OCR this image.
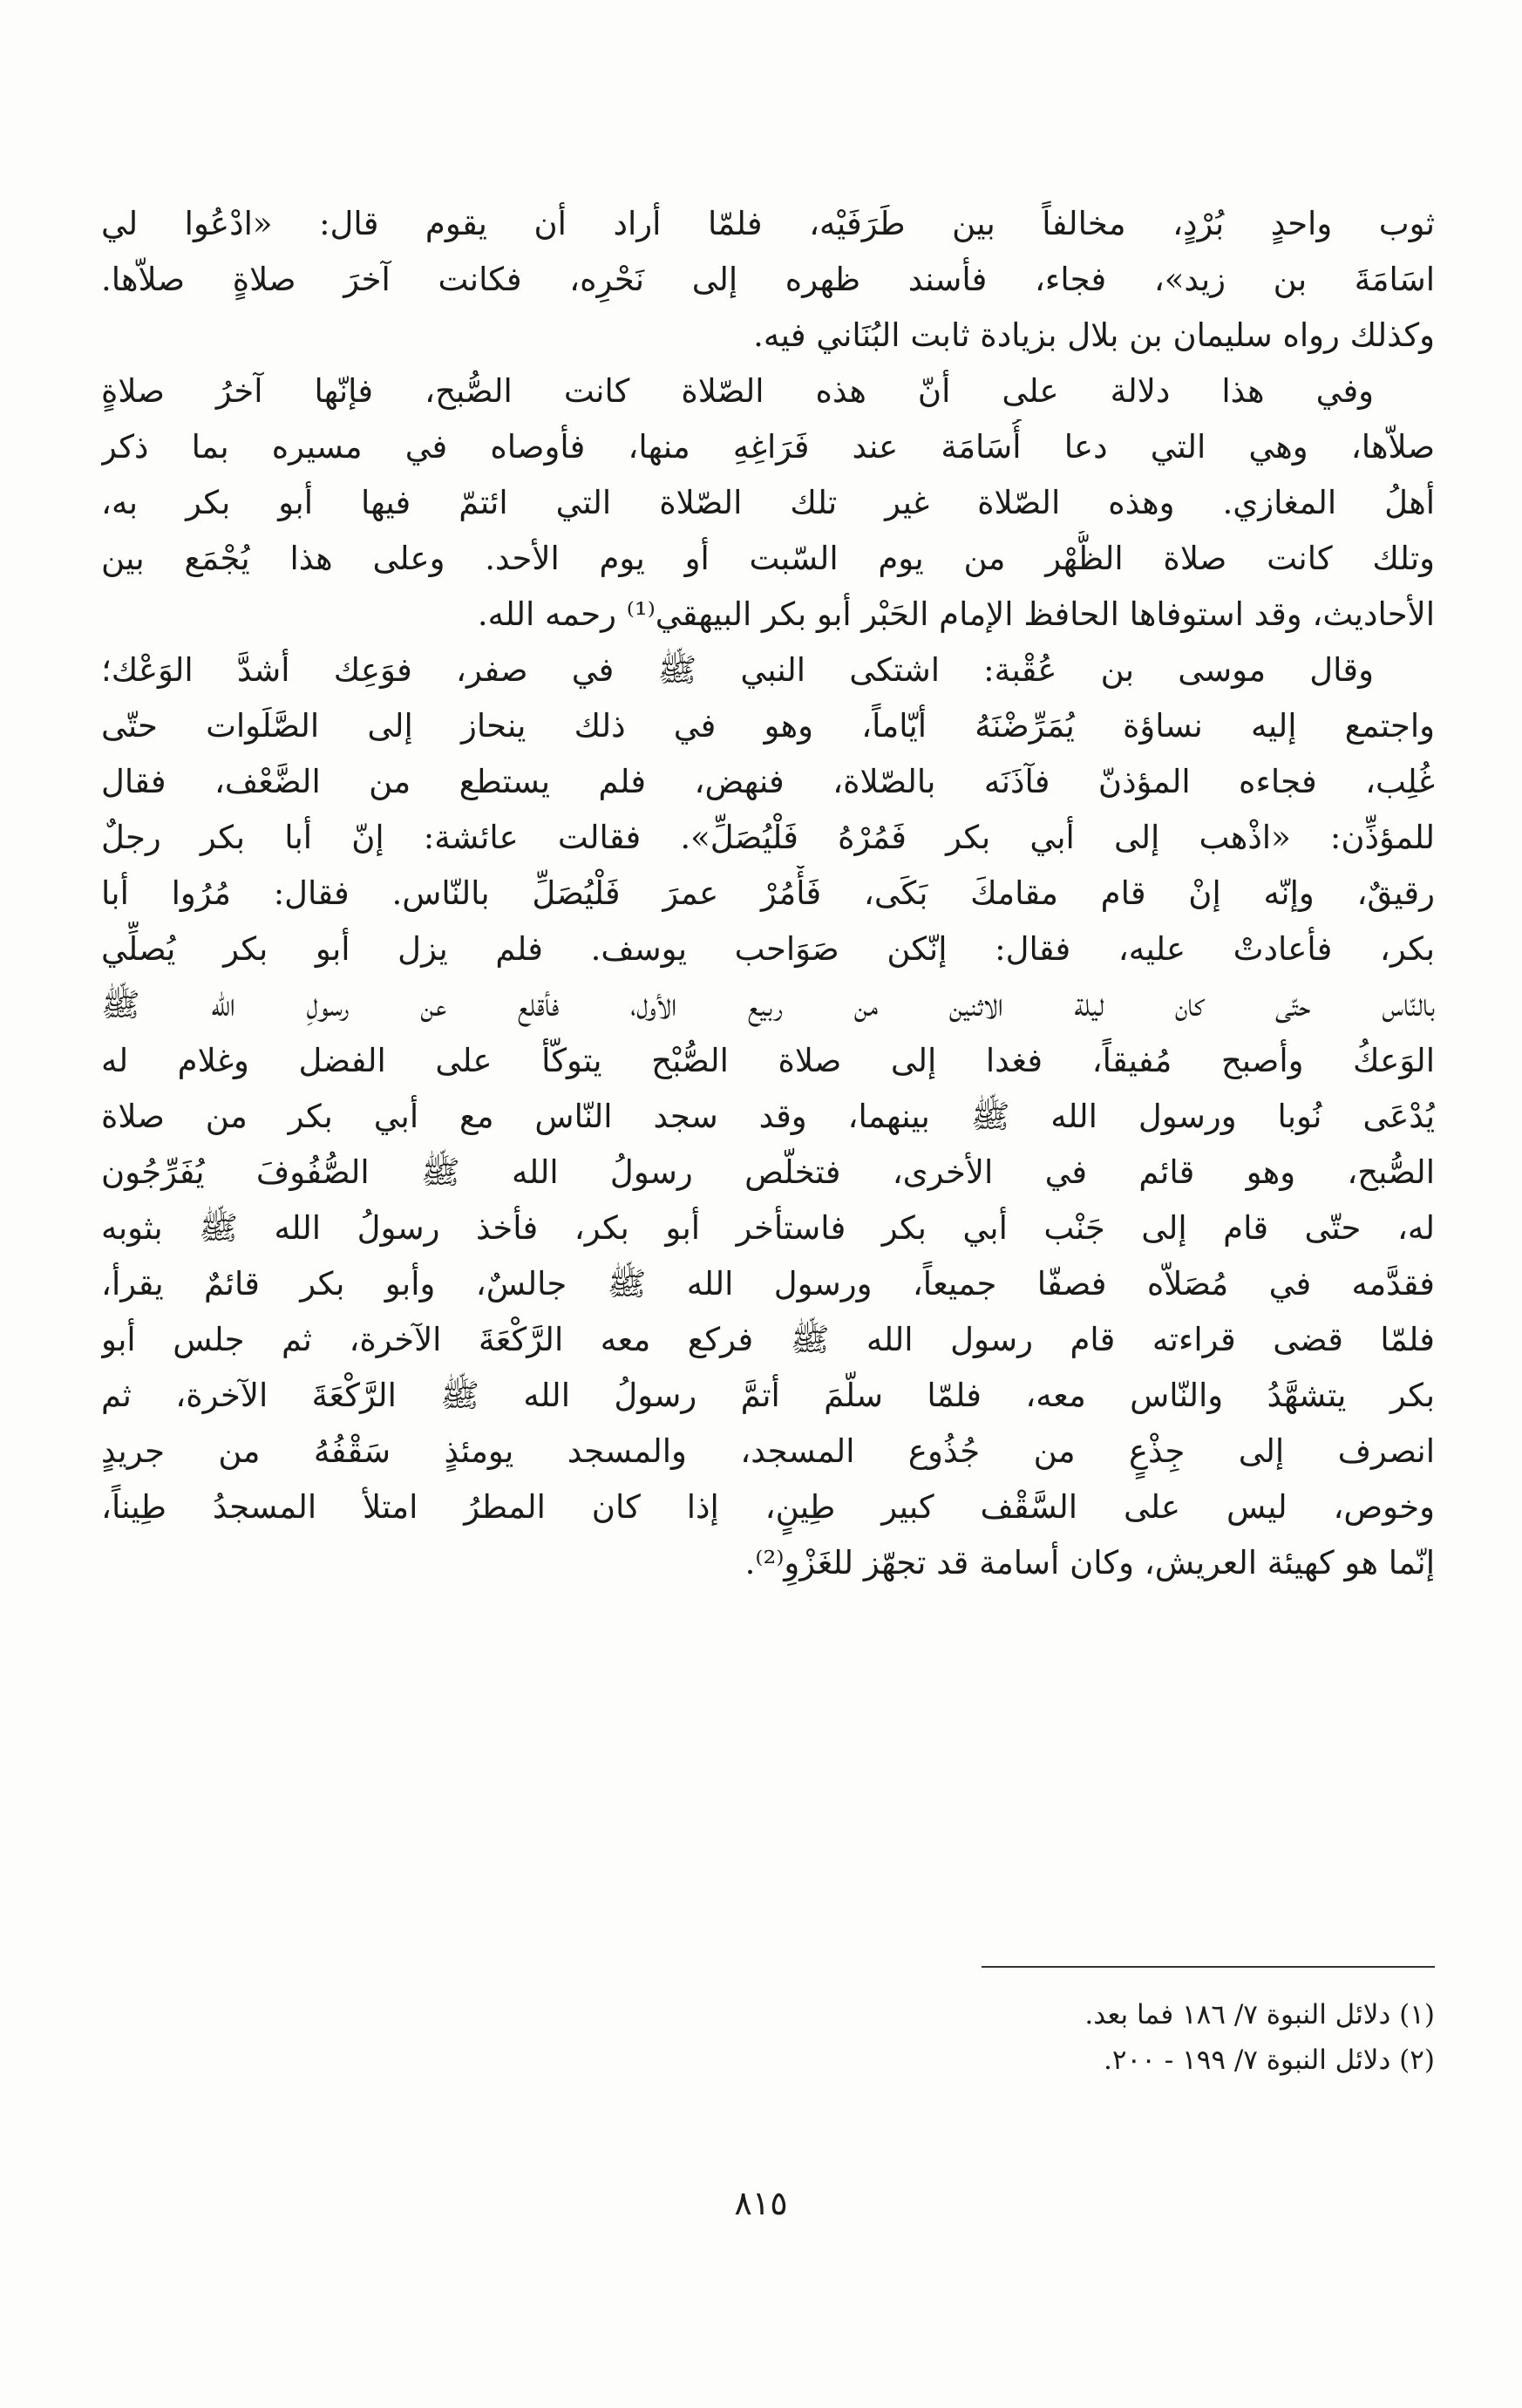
ثوب واحدٍ بُرْدٍ، مخالفاً بين طَرَفَيْه، فلمّا أراد أن يقوم قال: «ادْعُوا لي
اسَامَةَ بن زيد»، فجاء، فأسند ظهره إلى نَحْرِه، فكانت آخرَ صلاةٍ صلاّها.
وكذلك رواه سليمان بن بلال بزيادة ثابت البُنَاني فيه.
وفي هذا دلالة على أنّ هذه الصّلاة كانت الصُّبح، فإنّها آخرُ صلاةٍ
صلاّها، وهي التي دعا أُسَامَة عند فَرَاغِهِ منها، فأوصاه في مسيره بما ذكر
أهلُ المغازي. وهذه الصّلاة غير تلك الصّلاة التي ائتمّ فيها أبو بكر به،
وتلك كانت صلاة الظُّهْر من يوم السّبت أو يوم الأحد. وعلى هذا يُجْمَع بين
الأحاديث، وقد استوفاها الحافظ الإمام الحَبْر أبو بكر البيهقي⁽¹⁾ رحمه الله.
وقال موسى بن عُقْبة: اشتكى النبي ﷺ في صفر، فوَعِك أشدَّ الوَعْك؛
واجتمع إليه نساؤة يُمَرِّضْنَهُ أيّاماً، وهو في ذلك ينحاز إلى الصَّلَوات حتّى
غُلِب، فجاءه المؤذنّ فآذَنَه بالصّلاة، فنهض، فلم يستطع من الضَّعْف، فقال
للمؤذِّن: «اذْهب إلى أبي بكر فَمُرْهُ فَلْيُصَلِّ». فقالت عائشة: إنّ أبا بكر رجلٌ
رقيقٌ، وإنّه إنْ قام مقامكَ بَكَى، فَأْمُرْ عمرَ فَلْيُصَلِّ بالنّاس. فقال: مُرُوا أبا
بكر، فأعادتْ عليه، فقال: إنّكن صَوَاحب يوسف. فلم يزل أبو بكر يُصلِّي
بالنّاس حتّى كان ليلة الاثنين من ربيع الأول، فأقلع عن رسولِ الله ﷺ
الوَعكُ وأصبح مُفيقاً، فغدا إلى صلاة الصُّبْح يتوكّأ على الفضل وغلام له
يُدْعَى نُوبا ورسول الله ﷺ بينهما، وقد سجد النّاس مع أبي بكر من صلاة
الصُّبح، وهو قائم في الأخرى، فتخلّص رسولُ الله ﷺ الصُّفُوفَ يُفَرِّجُون
له، حتّى قام إلى جَنْب أبي بكر فاستأخر أبو بكر، فأخذ رسولُ الله ﷺ بثوبه
فقدَّمه في مُصَلاّه فصفّا جميعاً، ورسول الله ﷺ جالسٌ، وأبو بكر قائمٌ يقرأ،
فلمّا قضى قراءته قام رسول الله ﷺ فركع معه الرَّكْعَةَ الآخرة، ثم جلس أبو
بكر يتشهَّدُ والنّاس معه، فلمّا سلّمَ أتمَّ رسولُ الله ﷺ الرَّكْعَةَ الآخرة، ثم
انصرف إلى جِذْعٍ من جُذُوع المسجد، والمسجد يومئذٍ سَقْفُهُ من جريدٍ
وخوص، ليس على السَّقْف كبير طِينٍ، إذا كان المطرُ امتلأ المسجدُ طِيناً،
إنّما هو كهيئة العريش، وكان أسامة قد تجهّز للغَزْوِ⁽²⁾.
(١) دلائل النبوة ٧/ ١٨٦ فما بعد.
(٢) دلائل النبوة ٧/ ١٩٩ - ٢٠٠.
٨١٥
